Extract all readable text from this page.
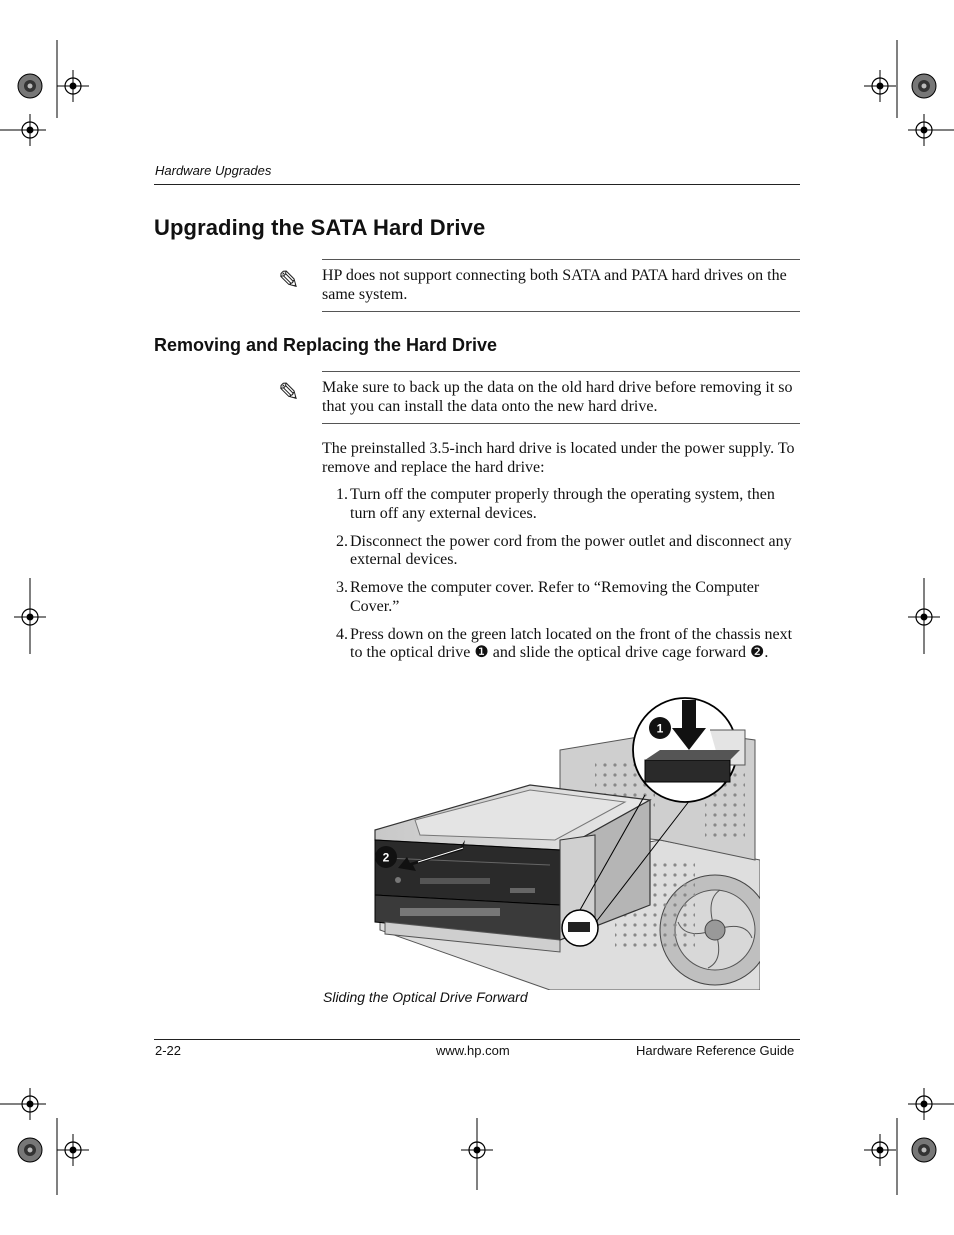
Hardware Upgrades
Upgrading the SATA Hard Drive
✎ HP does not support connecting both SATA and PATA hard drives on the same system.
Removing and Replacing the Hard Drive
✎ Make sure to back up the data on the old hard drive before removing it so that you can install the data onto the new hard drive.
The preinstalled 3.5-inch hard drive is located under the power supply. To remove and replace the hard drive:
1. Turn off the computer properly through the operating system, then turn off any external devices.
2. Disconnect the power cord from the power outlet and disconnect any external devices.
3. Remove the computer cover. Refer to “Removing the Computer Cover.”
4. Press down on the green latch located on the front of the chassis next to the optical drive ❶ and slide the optical drive cage forward ❷.
1
2
Sliding the Optical Drive Forward
2-22	www.hp.com	Hardware Reference Guide
